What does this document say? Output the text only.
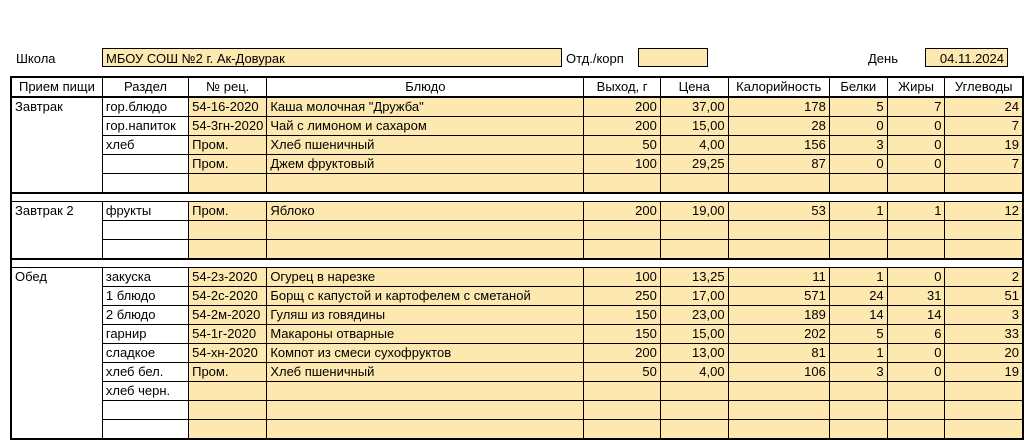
Школа	МБОУ СОШ №2 г. Ак-Довурак	Отд./корп	День	04.11.2024
Прием пищи	Раздел	№ рец.	Блюдо	Выход, г	Цена	Калорийность	Белки	Жиры	Углеводы
Завтрак	гор.блюдо	54-16-2020	Каша молочная "Дружба"	200	37,00	178	5	7	24
	гор.напиток	54-3гн-2020	Чай с лимоном и сахаром	200	15,00	28	0	0	7
	хлеб	Пром.	Хлеб пшеничный	50	4,00	156	3	0	19
		Пром.	Джем фруктовый	100	29,25	87	0	0	7

Завтрак 2	фрукты	Пром.	Яблоко	200	19,00	53	1	1	12

Обед	закуска	54-2з-2020	Огурец в нарезке	100	13,25	11	1	0	2
	1 блюдо	54-2с-2020	Борщ с капустой и картофелем с сметаной	250	17,00	571	24	31	51
	2 блюдо	54-2м-2020	Гуляш из говядины	150	23,00	189	14	14	3
	гарнир	54-1г-2020	Макароны отварные	150	15,00	202	5	6	33
	сладкое	54-хн-2020	Компот из смеси сухофруктов	200	13,00	81	1	0	20
	хлеб бел.	Пром.	Хлеб пшеничный	50	4,00	106	3	0	19
	хлеб черн.								
